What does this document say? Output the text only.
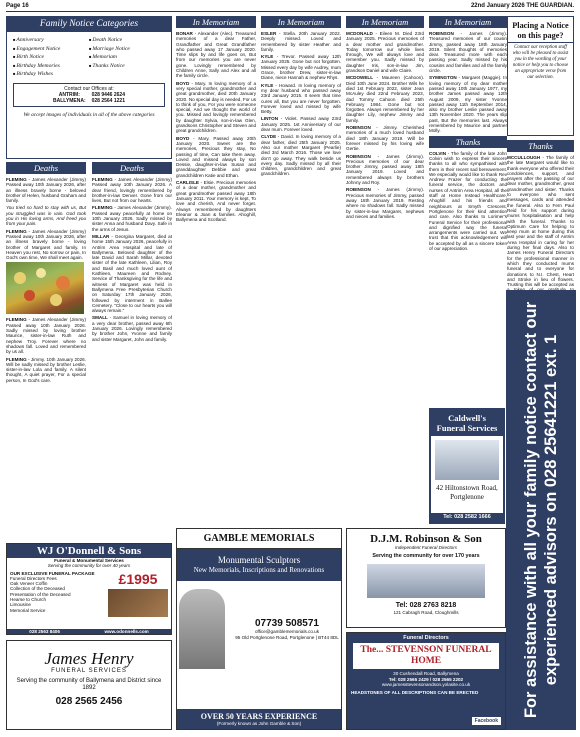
Page 16	22nd January 2026 THE GUARDIAN.
Family Notice Categories
■ Anniversary	■ Death Notice
■ Engagement Notice	■ Marriage Notice
■ Birth Notice	■ Memoriam
■ Birthday Memories	■ Thanks Notice
■ Birthday Wishes
Contact our Offices at:
ANTRIM:	028 9446 2624
BALLYMENA: 028 2564 1221
We accept images of individuals in all of the above categories
Deaths

FLEMING - James Alexander (Jimmy) Passed away 10th January 2026, after an illness bravely borne - beloved brother of Helen, husband Graham and family.

You tried so hard to stay with us, But you struggled was in vain. God took you in His loving arms, And freed you from your pain.

FLEMING - James Alexander (Jimmy) Passed away 10th January 2026, after an illness bravely borne - loving brother of Margaret and family. In Heaven you rest, No sorrow or pain, In God's own time, We shall meet again.

FLEMING - James Alexander (Jimmy) Passed away 10th January 2026. Sadly missed by loving brother Maurice, sister-in-law Ruth and nephew Troy. Forever where no shadows fall. Loved and remembered by us all.

FLEMING - Jimmy. 10th January 2026. Will be sadly missed by brother Leslie, sister-in-law Lola and family. A silent thought, A quiet prayer, For a special person, In God's care.

Deaths

FLEMING - James Alexander (Jimmy) Passed away 10th January 2026. A dear friend, lovingly remembered by brother-in-law Denver. Gone from our lives, But not from our hearts.

FLEMING - James Alexander (Jimmy). Passed away peacefully at home on 10th January 2026. Sadly missed by sister Anna and husband Davy. Safe in the arms of Jesus.

MILLAR - Georgina Margaret, died at home 15th January 2026, peacefully in Antrim Area Hospital and late of Ballymena. Beloved daughter of the late David and Sarah Millar, devoted sister of the late Kathleen, Lilian, Roy and Basil and much loved aunt of Kathleen, Maureen and Rodney. Service of Thanksgiving for the life and witness of Margaret was held in Ballymena Free Presbyterian Church on Saturday 17th January 2026, followed by interment in Ballee Cemetery. "Close to our hearts you will always remain."

SMALL - Samuel in loving memory of a very dear brother, passed away 6th January 2026. Lovingly remembered by brother John, Yvonne and family and sister Margaret, John and family.

WJ O'Donnell & Sons
Funeral & Monumental Services
Serving the community for over 40 years
OUR EXCLUSIVE FUNERAL PACKAGE
Funeral Directors Fees
Oak Veneer Coffin
Collection of the Deceased
Presentation of the Deceased
Hearse to Church
Limousine
Memorial Service
£1995
028 2563 8406	www.odonnells.com
James Henry
FUNERAL SERVICES
Serving the community of Ballymena and District since 1892
028 2565 2456
In Memoriam

BONAR - Alexander (Alec). Treasured memories of a dear Father, Grandfather and Great Grandfather who passed away 17 January 2020. Time slips by and life goes on, But from our memories you are never gone. Lovingly remembered by Children Anne, Sally and Alex and all the family circle.

BOYD - Mary. In loving memory of a very special mother, grandmother and great grandmother, died 20th January 2020. No special day is needed, For us to think of you, For you were someone special, And we thought the world of you. Missed and lovingly remembered by daughter Sylvia, son-in-law Glen, grandsons Christopher and Steven and great grandchildren.

BOYD - Mary. Passed away 20th January 2020. Sweet are the memories, Precious they stay, No passing of time, Can take them away. Loved and missed always by son Dessie, daughter-in-law Susan and granddaughter Debbie and great grandchildren Katie and Ethan.

CARLISLE - Elsie. Precious memories of a dear mother, grandmother and great grandmother passed away 18th January 2011. Your memory is kept, To love and cherish, And never forget. Always remembered by daughters Eleanor & Joan & families. Ahoghill, Ballymena and Scotland.

In Memoriam

ESLER - Stella. 20th January 2022. Deeply missed. Loved and remembered by sister Heather and family.

KYLE - Trevor. Passed away 12th January 2025. Gone but not forgotten. Missed every day by wife Audrey, mum Grace, brother Drew, sister-in-law Diane, niece Hannah & nephew Rhys.

KYLE - Howard. In loving memory of my dear husband who passed away 23rd January 2015. It seem that time cures all, But you are never forgotten. Forever loved and missed by wife Betty.

LINTON - Violet. Passed away 23rd January 2025. 1st Anniversary of our dear mum. Forever loved.

CLYDE - David. In loving memory of a dear father, died 25th January 2025. Also our mother Margaret (Pearlie) died 3rd March 2016. Those we love don't go away. They walk beside us every day. Sadly missed by all their children, grandchildren and great grandchildren.

In Memoriam

MCDONALD - Eileen M. Died 23rd January 2025. Precious memories of a dear mother and grandmother. Today tomorrow our whole lives through, We will always love and remember you. Sadly missed by daughter Iris, son-in-law Jim, grandson Daniel and wife Claire.

MCDOWELL - Maureen (Cahoon). Died 10th June 2024. Brother Wils he died 1st February 2022, sister Jean McAuley died 22nd February 2023, dad Tommy Cahoon died 25th February 1984. Gone but not forgotten. Always remembered by her daughter Lily, nephew Jimmy and family.

ROBINSON - Jimmy. Cherished memories of a much loved husband died 18th January 2019. Will be forever missed by his loving wife Gertie.

ROBINSON - James (Jimmy). Precious memories of our dear brother Jimmy, passed away 18th January 2019. Loved and remembered always by brothers Johnny and Roy.

ROBINSON - James (Jimmy). Precious memories of Jimmy, passed away 18th January 2019. Resting where no shadows fall. Sadly missed by sister-in-law Margaret, nephews and nieces and families.

In Memoriam

ROBINSON - James (Jimmy). Treasured memories of our cousin Jimmy, passed away 18th January 2019. Silent thoughts of memories dear. Treasured more with each passing year. Sadly missed by his cousins and families and all the family circle.

SYMINGTON - Margaret (Maggie). In loving memory of my dear mother passed away 10th January 1977, my brother James passed away 12th August 2009, my sister Yvonne passed away 11th September 2014, also my brother Leslie passed away 13th November 2020. The years slip past, But the memories last. Always remembered by Maurice and partner Molly.

Thanks

COLVIN - The family of the late John Colvin wish to express their sincere thanks to all who sympathised with them in their recent sad bereavement. We especially would like to thank Rev Andrew Frazer for conducting the funeral service, the doctors and nurses of Antrim Area Hospital, all the staff at Home Instead Healthcare, Ahoghill and his friends and neighbours at Smyth Crescent, Portglenone for their kind attention and care. Also thanks to Lorimer's Funeral Service for their professional and dignified way the funeral arrangements were carried out. We trust that this acknowledgement will be accepted by all as a sincere token of our appreciation.

Placing a Notice on this page?

Contact our reception staff who will be pleased to assist you in the wording of your notice or help you to choose an appropriate verse from our selection.

Thanks

MCCULLOUGH - The family of the late Margaret would like to thank everyone who offered their condolences, support, and prayers after the passing of our dear mother, grandmother, great grandmother and sister. Thanks to everyone who sent messages, cards and attended the funeral. Also to Fern Paul Reid for his support during mums hospitalisation and help with the funeral. Thanks to Optimum Care for helping to keep mum at home during this last year and the staff of Antrim Area Hospital in caring for her during her final days. Also to James Henry Funeral Directors for the professional manner in which they conducted mums funeral and to everyone for donations to N.I. Chest, Heart and Stroke in lieu of flowers. Trusting this will be accepted as

For assistance with all your family notice contact our experienced advisors on 028 25641221 ext. 1
GAMBLE MEMORIALS
Monumental Sculptors
New Memorials, Inscriptions and Renovations
07739 508571
office@gamblememorials.co.uk
95 Old Portglenone Road, Portglenone | BT44 8DL
OVER 50 YEARS EXPERIENCE
(Formerly known as John Gamble & Son)
D.J.M. Robinson & Son
Independent Funeral Directors
Serving the community for over 170 years
Tel: 028 2763 8218
121 Cabragh Road, Cloughmills
Funeral Directors
The... STEVENSON FUNERAL HOME
30 Cushendall Road, Ballymena
Tel: 028 2565 2429 / 028 2565 2202
www.jamesstevensonandson.yolasite.co.uk
HEADSTONES OF ALL DESCRIPTIONS CAN BE ERECTED
Facebook
Caldwell's Funeral Services
42 Hiltonstown Road, Portglenone
Tel: 028 2582 1666
